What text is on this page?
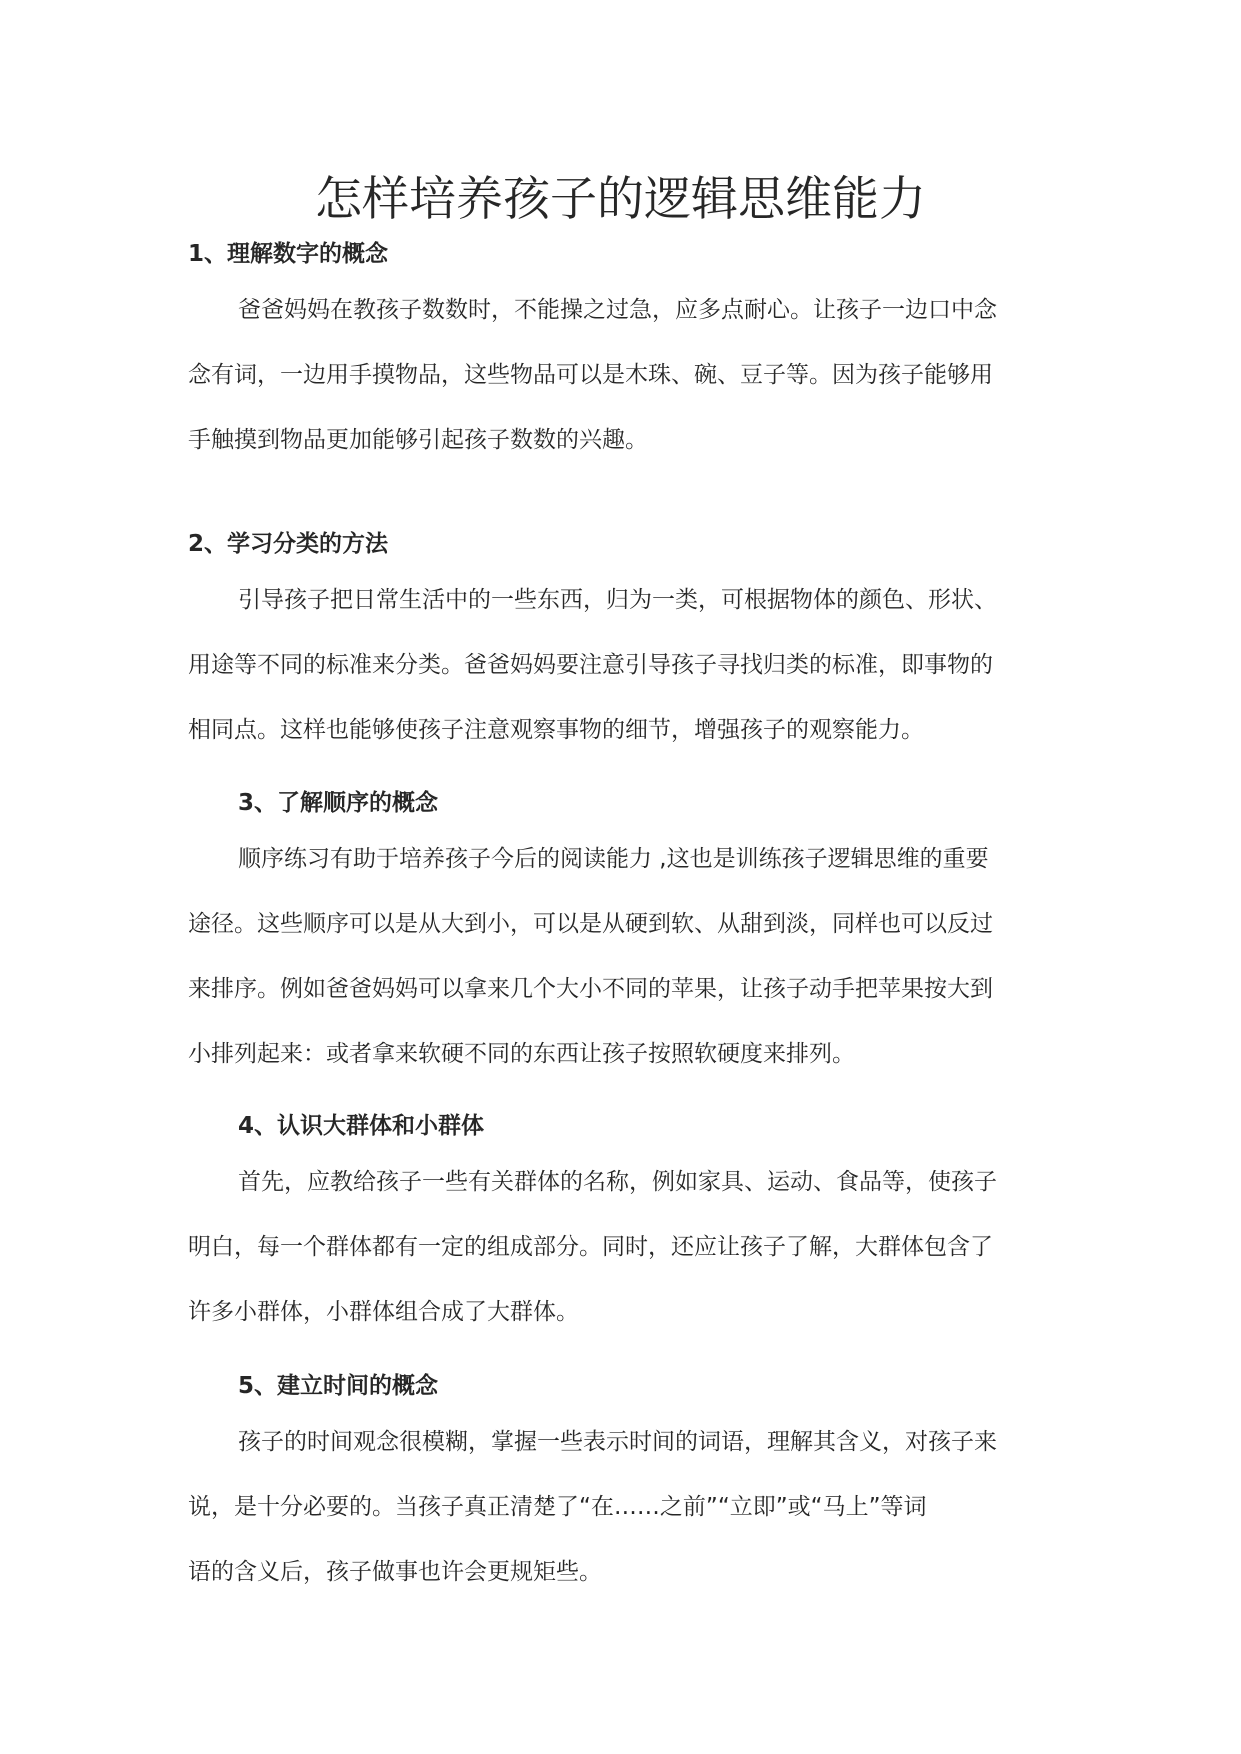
怎样培养孩子的逻辑思维能力
1、理解数字的概念

爸爸妈妈在教孩子数数时，不能操之过急，应多点耐心。让孩子一边口中念
念有词，一边用手摸物品，这些物品可以是木珠、碗、豆子等。因为孩子能够用
手触摸到物品更加能够引起孩子数数的兴趣。

2、学习分类的方法

引导孩子把日常生活中的一些东西，归为一类，可根据物体的颜色、形状、
用途等不同的标准来分类。爸爸妈妈要注意引导孩子寻找归类的标准，即事物的
相同点。这样也能够使孩子注意观察事物的细节，增强孩子的观察能力。

3、了解顺序的概念

顺序练习有助于培养孩子今后的阅读能力 ,这也是训练孩子逻辑思维的重要
途径。这些顺序可以是从大到小，可以是从硬到软、从甜到淡，同样也可以反过
来排序。例如爸爸妈妈可以拿来几个大小不同的苹果，让孩子动手把苹果按大到
小排列起来：或者拿来软硬不同的东西让孩子按照软硬度来排列。

4、认识大群体和小群体

首先，应教给孩子一些有关群体的名称，例如家具、运动、食品等，使孩子
明白，每一个群体都有一定的组成部分。同时，还应让孩子了解，大群体包含了
许多小群体，小群体组合成了大群体。

5、建立时间的概念

孩子的时间观念很模糊，掌握一些表示时间的词语，理解其含义，对孩子来
说，是十分必要的。当孩子真正清楚了“在……之前”“立即”或“马上”等词
语的含义后，孩子做事也许会更规矩些。
